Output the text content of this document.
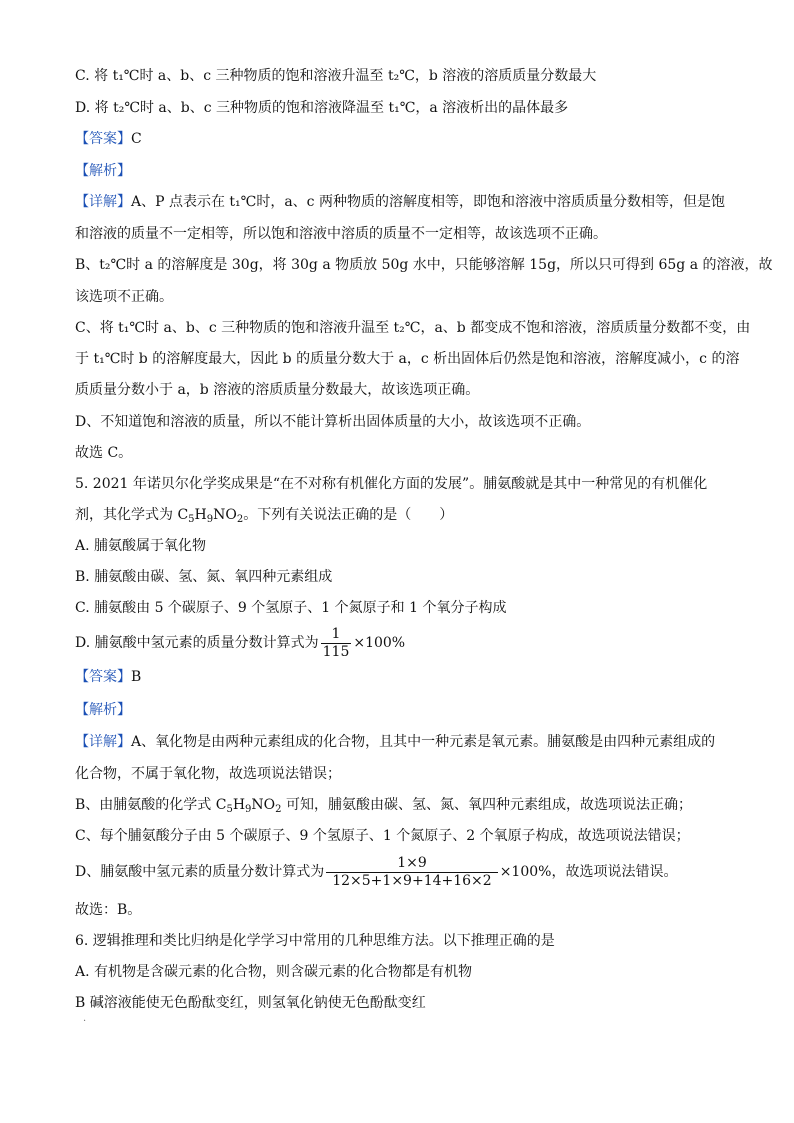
C. 将 t₁℃时 a、b、c 三种物质的饱和溶液升温至 t₂℃，b 溶液的溶质质量分数最大
D. 将 t₂℃时 a、b、c 三种物质的饱和溶液降温至 t₁℃，a 溶液析出的晶体最多
【答案】C
【解析】
【详解】A、P 点表示在 t₁℃时，a、c 两种物质的溶解度相等，即饱和溶液中溶质质量分数相等，但是饱
和溶液的质量不一定相等，所以饱和溶液中溶质的质量不一定相等，故该选项不正确。
B、t₂℃时 a 的溶解度是 30g，将 30g a 物质放 50g 水中，只能够溶解 15g，所以只可得到 65g a 的溶液，故
该选项不正确。
C、将 t₁℃时 a、b、c 三种物质的饱和溶液升温至 t₂℃，a、b 都变成不饱和溶液，溶质质量分数都不变，由
于 t₁℃时 b 的溶解度最大，因此 b 的质量分数大于 a，c 析出固体后仍然是饱和溶液，溶解度减小，c 的溶
质质量分数小于 a，b 溶液的溶质质量分数最大，故该选项正确。
D、不知道饱和溶液的质量，所以不能计算析出固体质量的大小，故该选项不正确。
故选 C。
5. 2021 年诺贝尔化学奖成果是“在不对称有机催化方面的发展”。脯氨酸就是其中一种常见的有机催化
剂，其化学式为 $C_5H_9NO_2$。下列有关说法正确的是（　　）
A. 脯氨酸属于氧化物
B. 脯氨酸由碳、氢、氮、氧四种元素组成
C. 脯氨酸由 5 个碳原子、9 个氢原子、1 个氮原子和 1 个氧分子构成
D. 脯氨酸中氢元素的质量分数计算式为 $\frac{1}{115} \times 100\%$
【答案】B
【解析】
【详解】A、氧化物是由两种元素组成的化合物，且其中一种元素是氧元素。脯氨酸是由四种元素组成的
化合物，不属于氧化物，故选项说法错误；
B、由脯氨酸的化学式 $C_5H_9NO_2$ 可知，脯氨酸由碳、氢、氮、氧四种元素组成，故选项说法正确；
C、每个脯氨酸分子由 5 个碳原子、9 个氢原子、1 个氮原子、2 个氧原子构成，故选项说法错误；
D、脯氨酸中氢元素的质量分数计算式为 $\frac{1\times 9}{12\times 5+1\times 9+14+16\times 2} \times 100\%$，故选项说法错误。
故选：B。
6. 逻辑推理和类比归纳是化学学习中常用的几种思维方法。以下推理正确的是
A. 有机物是含碳元素的化合物，则含碳元素的化合物都是有机物
B 碱溶液能使无色酚酞变红，则氢氧化钠使无色酚酞变红
·
